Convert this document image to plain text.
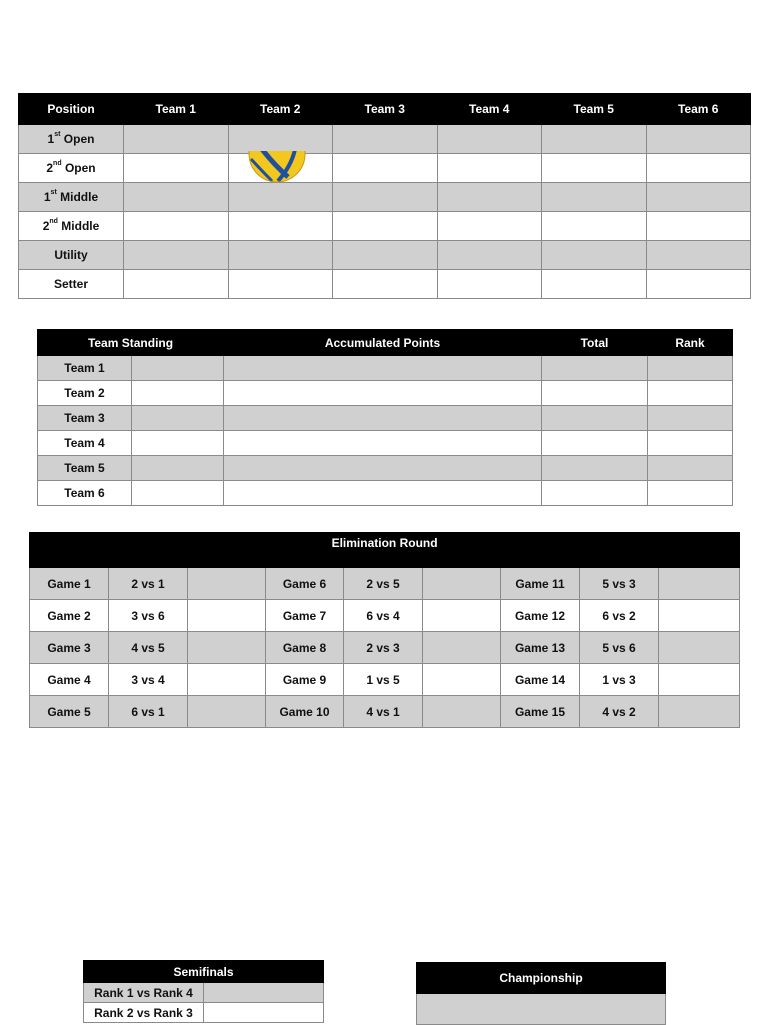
Position	Team 1	Team 2	Team 3	Team 4	Team 5	Team 6
1st Open						
2nd Open						
1st Middle						
2nd Middle						
Utility						
Setter						
Team Standing		Accumulated Points	Total	Rank
Team 1				
Team 2				
Team 3				
Team 4				
Team 5				
Team 6				
Elimination Round								
Game 1	2 vs 1		Game 6	2 vs 5		Game 11	5 vs 3	
Game 2	3 vs 6		Game 7	6 vs 4		Game 12	6 vs 2	
Game 3	4 vs 5		Game 8	2 vs 3		Game 13	5 vs 6	
Game 4	3 vs 4		Game 9	1 vs 5		Game 14	1 vs 3	
Game 5	6 vs 1		Game 10	4 vs 1		Game 15	4 vs 2	
Semifinals	
Rank 1 vs Rank 4	
Rank 2 vs Rank 3	
Championship
